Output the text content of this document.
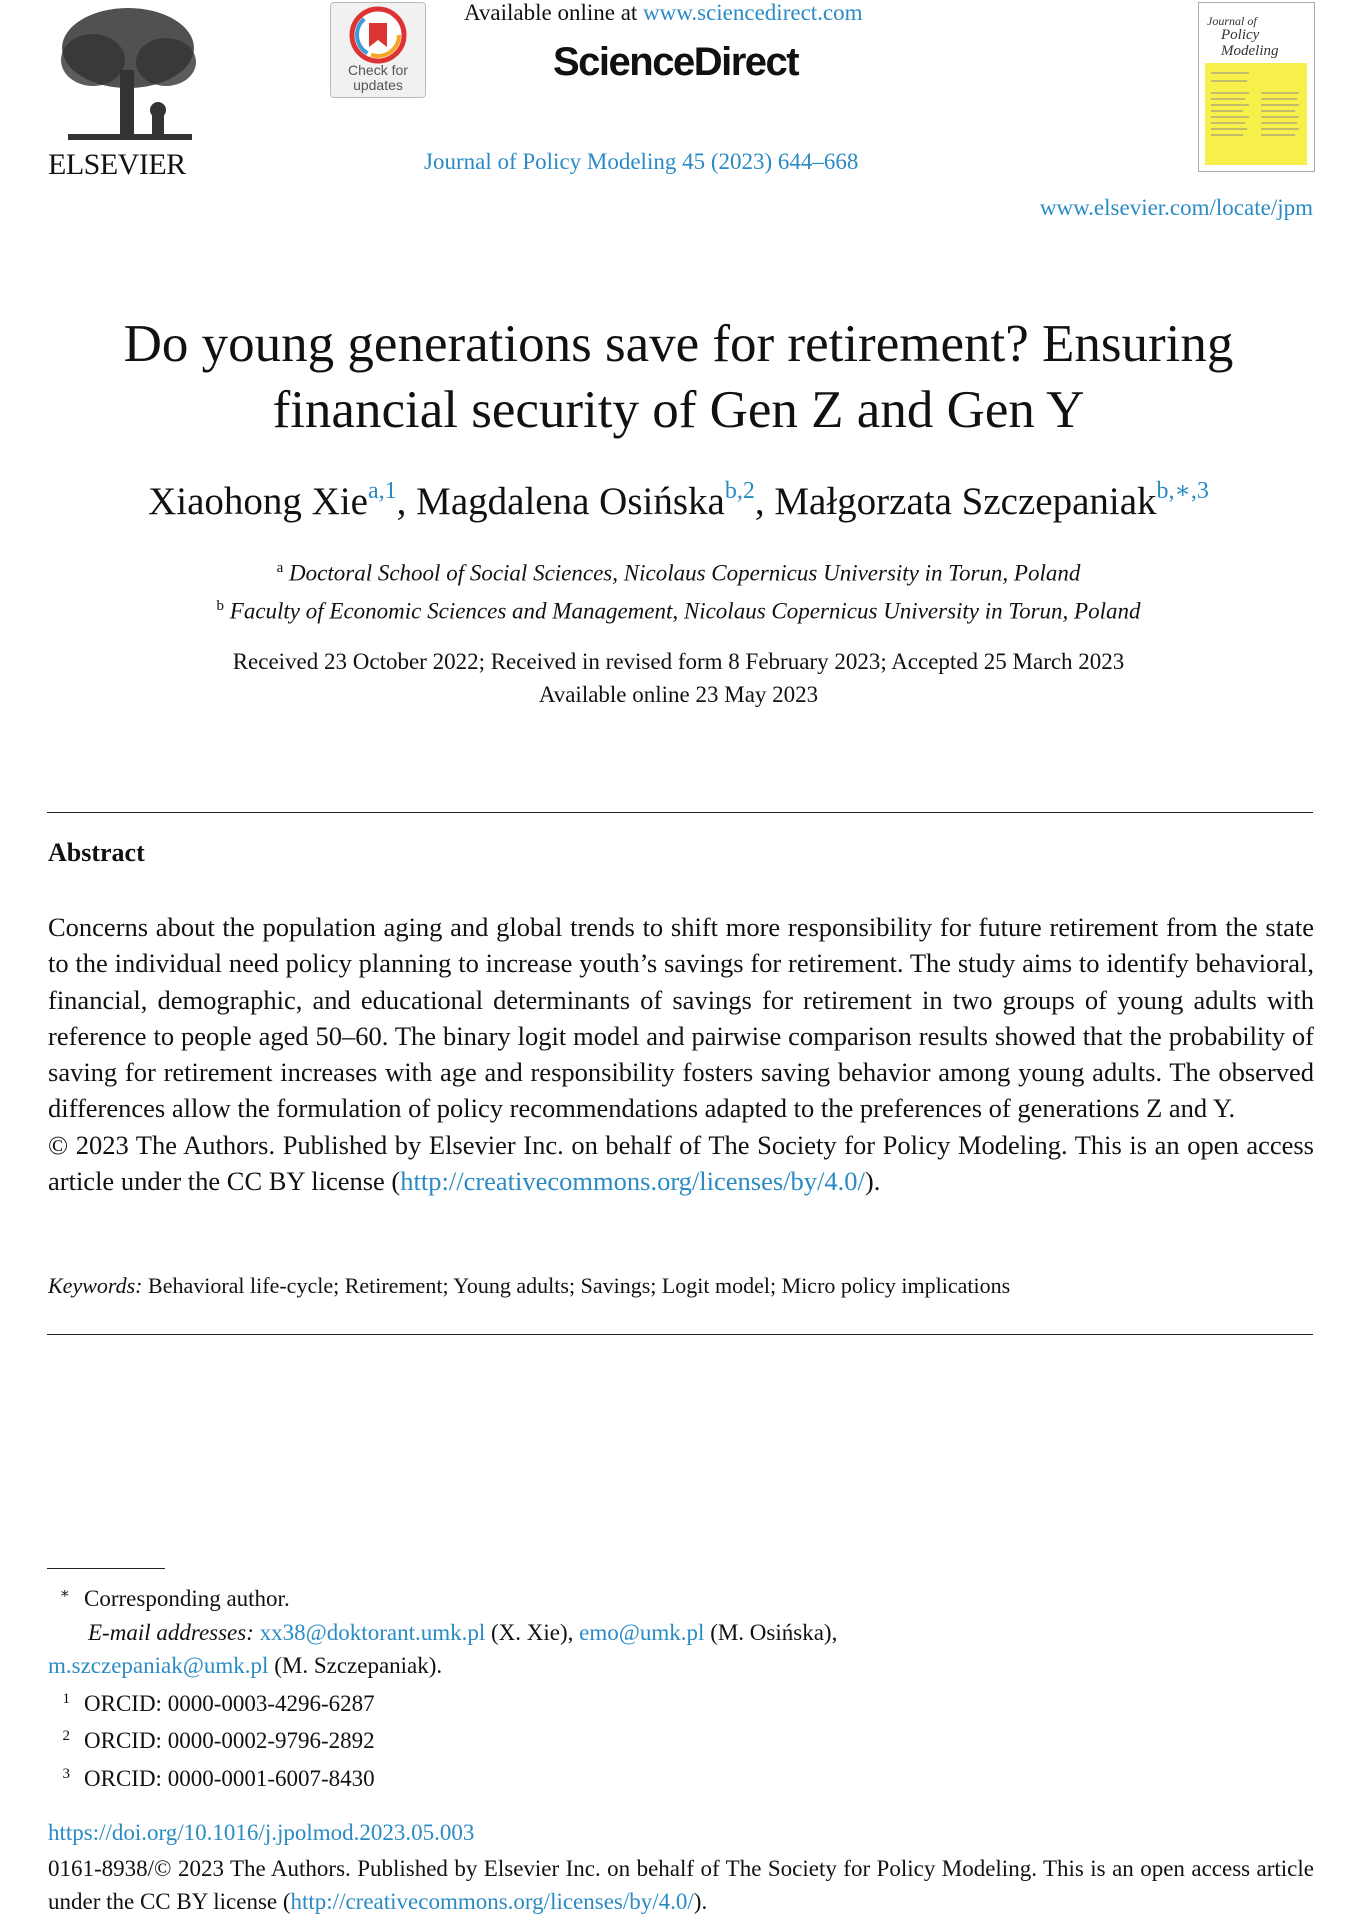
ELSEVIER
Check for
updates
Available online at www.sciencedirect.com
ScienceDirect
Journal of Policy Modeling 45 (2023) 644–668
Journal of
Policy
Modeling
www.elsevier.com/locate/jpm
Do young generations save for retirement? Ensuring
financial security of Gen Z and Gen Y
Xiaohong Xie$^{a,1}$, Magdalena Osińska$^{b,2}$, Małgorzata Szczepaniak$^{b,∗,3}$
$^a$ Doctoral School of Social Sciences, Nicolaus Copernicus University in Torun, Poland
$^b$ Faculty of Economic Sciences and Management, Nicolaus Copernicus University in Torun, Poland
Received 23 October 2022; Received in revised form 8 February 2023; Accepted 25 March 2023
Available online 23 May 2023
Abstract

Concerns about the population aging and global trends to shift more responsibility for future retirement from the state to the individual need policy planning to increase youth’s savings for retirement. The study aims to identify behavioral, financial, demographic, and educational determinants of savings for retirement in two groups of young adults with reference to people aged 50–60. The binary logit model and pairwise comparison results showed that the probability of saving for retirement increases with age and responsibility fosters saving behavior among young adults. The observed differences allow the formulation of policy recommendations adapted to the preferences of generations Z and Y.

© 2023 The Authors. Published by Elsevier Inc. on behalf of The Society for Policy Modeling. This is an open access article under the CC BY license (http://creativecommons.org/licenses/by/4.0/).

Keywords: Behavioral life-cycle; Retirement; Young adults; Savings; Logit model; Micro policy implications
∗ Corresponding author.
E-mail addresses: xx38@doktorant.umk.pl (X. Xie), emo@umk.pl (M. Osińska),
m.szczepaniak@umk.pl (M. Szczepaniak).
1 ORCID: 0000-0003-4296-6287
2 ORCID: 0000-0002-9796-2892
3 ORCID: 0000-0001-6007-8430
https://doi.org/10.1016/j.jpolmod.2023.05.003
0161-8938/© 2023 The Authors. Published by Elsevier Inc. on behalf of The Society for Policy Modeling. This is an open access article under the CC BY license (http://creativecommons.org/licenses/by/4.0/).
